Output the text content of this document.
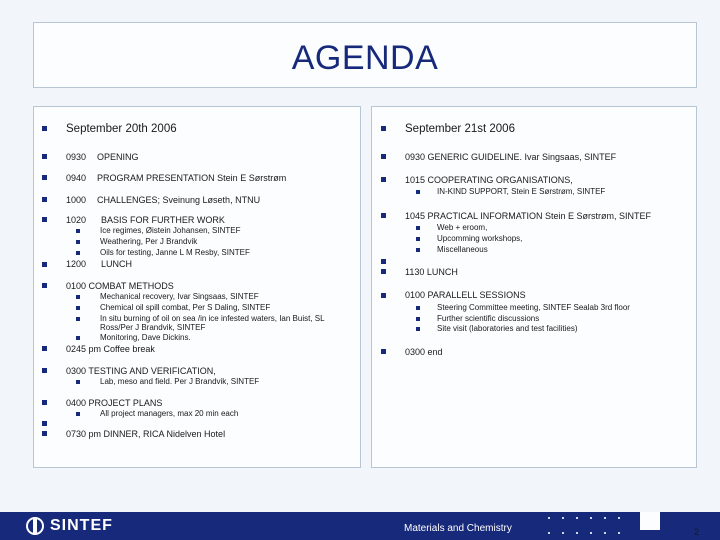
AGENDA
September 20th 2006
0930 OPENING
0940 PROGRAM PRESENTATION Stein E Sørstrøm
1000 CHALLENGES; Sveinung Løseth, NTNU
1020 BASIS FOR FURTHER WORK
Ice regimes, Øistein Johansen, SINTEF
Weathering, Per J Brandvik
Oils for testing, Janne L M Resby, SINTEF
1200 LUNCH
0100 COMBAT METHODS
Mechanical recovery, Ivar Singsaas, SINTEF
Chemical oil spill combat, Per S Daling, SINTEF
In situ burning of oil on sea /in ice infested waters, Ian Buist, SL
Ross/Per J Brandvik, SINTEF
Monitoring, Dave Dickins.
0245 pm Coffee break
0300 TESTING AND VERIFICATION,
Lab, meso and field. Per J Brandvik, SINTEF
0400 PROJECT PLANS
All project managers, max 20 min each
0730 pm DINNER, RICA Nidelven Hotel
September 21st 2006
0930 GENERIC GUIDELINE. Ivar Singsaas, SINTEF
1015 COOPERATING ORGANISATIONS,
IN-KIND SUPPORT, Stein E Sørstrøm, SINTEF
1045 PRACTICAL INFORMATION Stein E Sørstrøm, SINTEF
Web + eroom,
Upcomming workshops,
Miscellaneous
1130 LUNCH
0100 PARALLELL SESSIONS
Steering Committee meeting, SINTEF Sealab 3rd floor
Further scientific discussions
Site visit (laboratories and test facilities)
0300 end
SINTEF	Materials and Chemistry	2
